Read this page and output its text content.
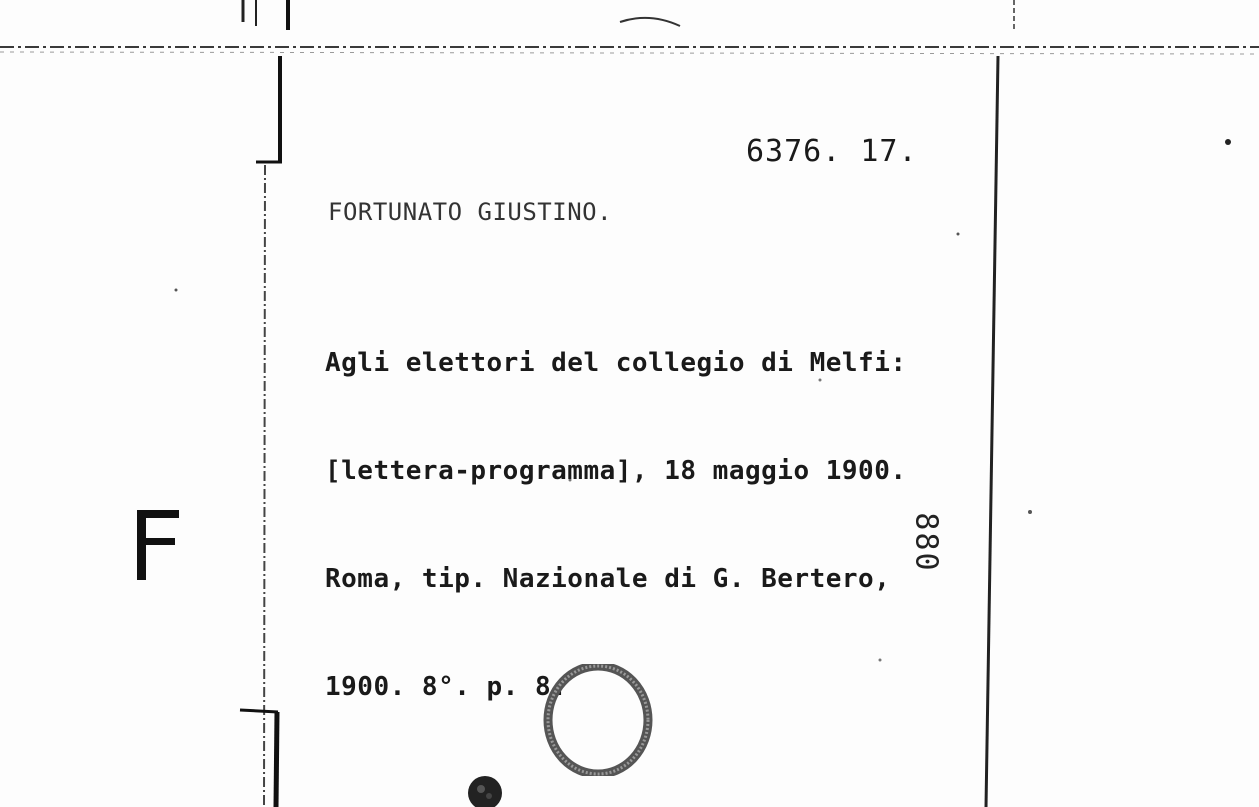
6376. 17.
FORTUNATO GIUSTINO.

Agli elettori del collegio di Melfi:

[lettera-programma], 18 maggio 1900.

Roma, tip. Nazionale di G. Bertero,

1900. 8°. p. 8.

880
